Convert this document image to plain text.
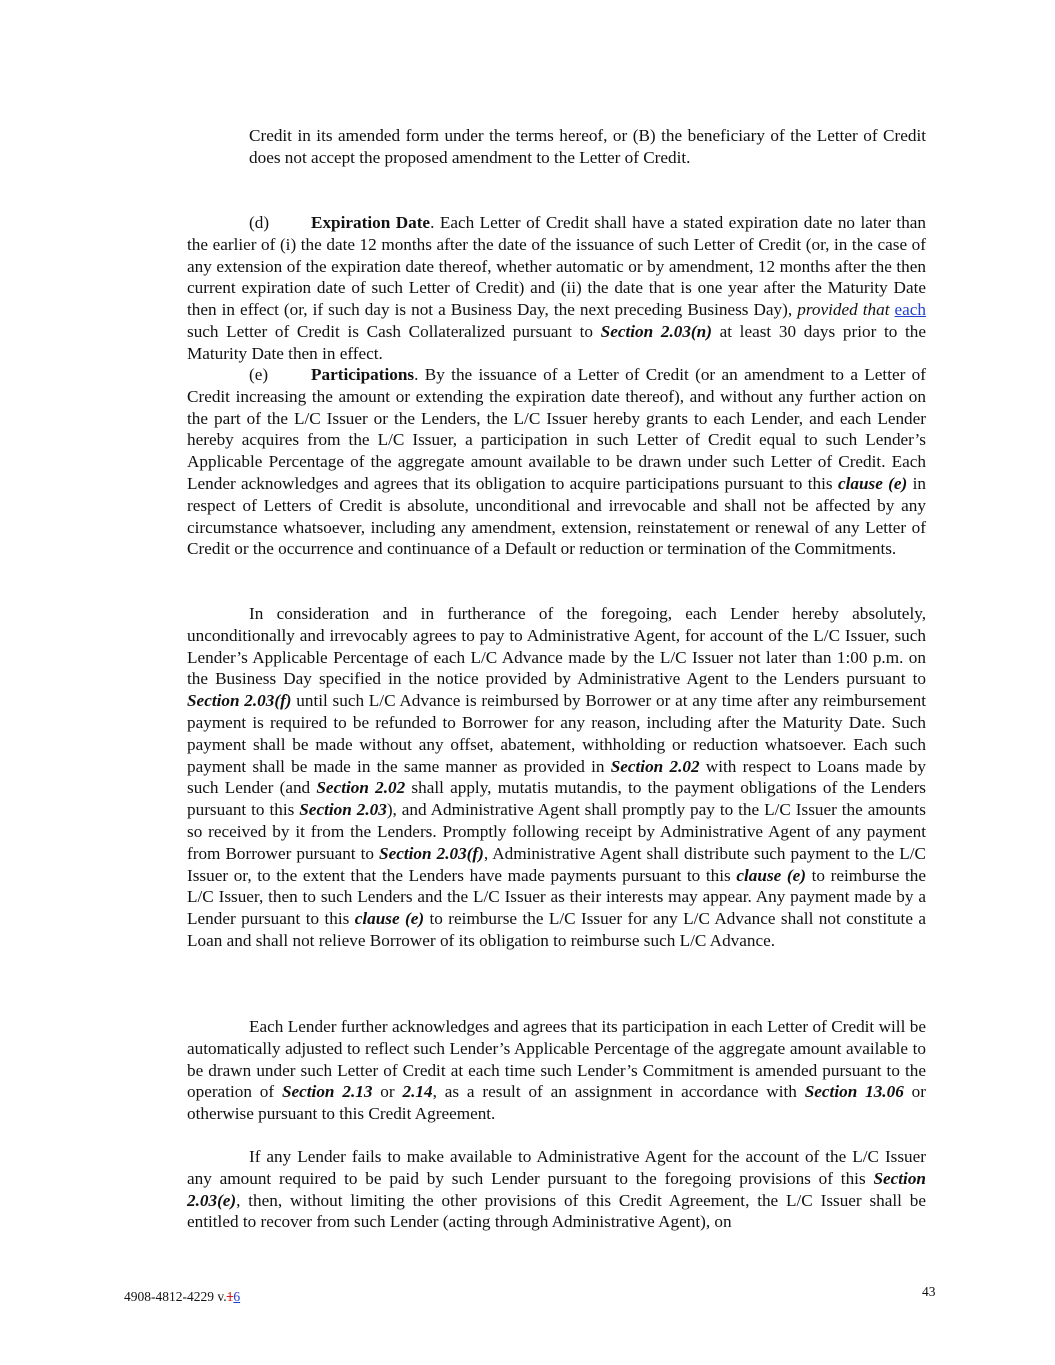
Credit in its amended form under the terms hereof, or (B) the beneficiary of the Letter of Credit does not accept the proposed amendment to the Letter of Credit.

(d) Expiration Date. Each Letter of Credit shall have a stated expiration date no later than the earlier of (i) the date 12 months after the date of the issuance of such Letter of Credit (or, in the case of any extension of the expiration date thereof, whether automatic or by amendment, 12 months after the then current expiration date of such Letter of Credit) and (ii) the date that is one year after the Maturity Date then in effect (or, if such day is not a Business Day, the next preceding Business Day), provided that each such Letter of Credit is Cash Collateralized pursuant to Section 2.03(n) at least 30 days prior to the Maturity Date then in effect.

(e) Participations. By the issuance of a Letter of Credit (or an amendment to a Letter of Credit increasing the amount or extending the expiration date thereof), and without any further action on the part of the L/C Issuer or the Lenders, the L/C Issuer hereby grants to each Lender, and each Lender hereby acquires from the L/C Issuer, a participation in such Letter of Credit equal to such Lender’s Applicable Percentage of the aggregate amount available to be drawn under such Letter of Credit. Each Lender acknowledges and agrees that its obligation to acquire participations pursuant to this clause (e) in respect of Letters of Credit is absolute, unconditional and irrevocable and shall not be affected by any circumstance whatsoever, including any amendment, extension, reinstatement or renewal of any Letter of Credit or the occurrence and continuance of a Default or reduction or termination of the Commitments.

In consideration and in furtherance of the foregoing, each Lender hereby absolutely, unconditionally and irrevocably agrees to pay to Administrative Agent, for account of the L/C Issuer, such Lender’s Applicable Percentage of each L/C Advance made by the L/C Issuer not later than 1:00 p.m. on the Business Day specified in the notice provided by Administrative Agent to the Lenders pursuant to Section 2.03(f) until such L/C Advance is reimbursed by Borrower or at any time after any reimbursement payment is required to be refunded to Borrower for any reason, including after the Maturity Date. Such payment shall be made without any offset, abatement, withholding or reduction whatsoever. Each such payment shall be made in the same manner as provided in Section 2.02 with respect to Loans made by such Lender (and Section 2.02 shall apply, mutatis mutandis, to the payment obligations of the Lenders pursuant to this Section 2.03), and Administrative Agent shall promptly pay to the L/C Issuer the amounts so received by it from the Lenders. Promptly following receipt by Administrative Agent of any payment from Borrower pursuant to Section 2.03(f), Administrative Agent shall distribute such payment to the L/C Issuer or, to the extent that the Lenders have made payments pursuant to this clause (e) to reimburse the L/C Issuer, then to such Lenders and the L/C Issuer as their interests may appear. Any payment made by a Lender pursuant to this clause (e) to reimburse the L/C Issuer for any L/C Advance shall not constitute a Loan and shall not relieve Borrower of its obligation to reimburse such L/C Advance.

Each Lender further acknowledges and agrees that its participation in each Letter of Credit will be automatically adjusted to reflect such Lender’s Applicable Percentage of the aggregate amount available to be drawn under such Letter of Credit at each time such Lender’s Commitment is amended pursuant to the operation of Section 2.13 or 2.14, as a result of an assignment in accordance with Section 13.06 or otherwise pursuant to this Credit Agreement.

If any Lender fails to make available to Administrative Agent for the account of the L/C Issuer any amount required to be paid by such Lender pursuant to the foregoing provisions of this Section 2.03(e), then, without limiting the other provisions of this Credit Agreement, the L/C Issuer shall be entitled to recover from such Lender (acting through Administrative Agent), on

4908-4812-4229 v.16	43
